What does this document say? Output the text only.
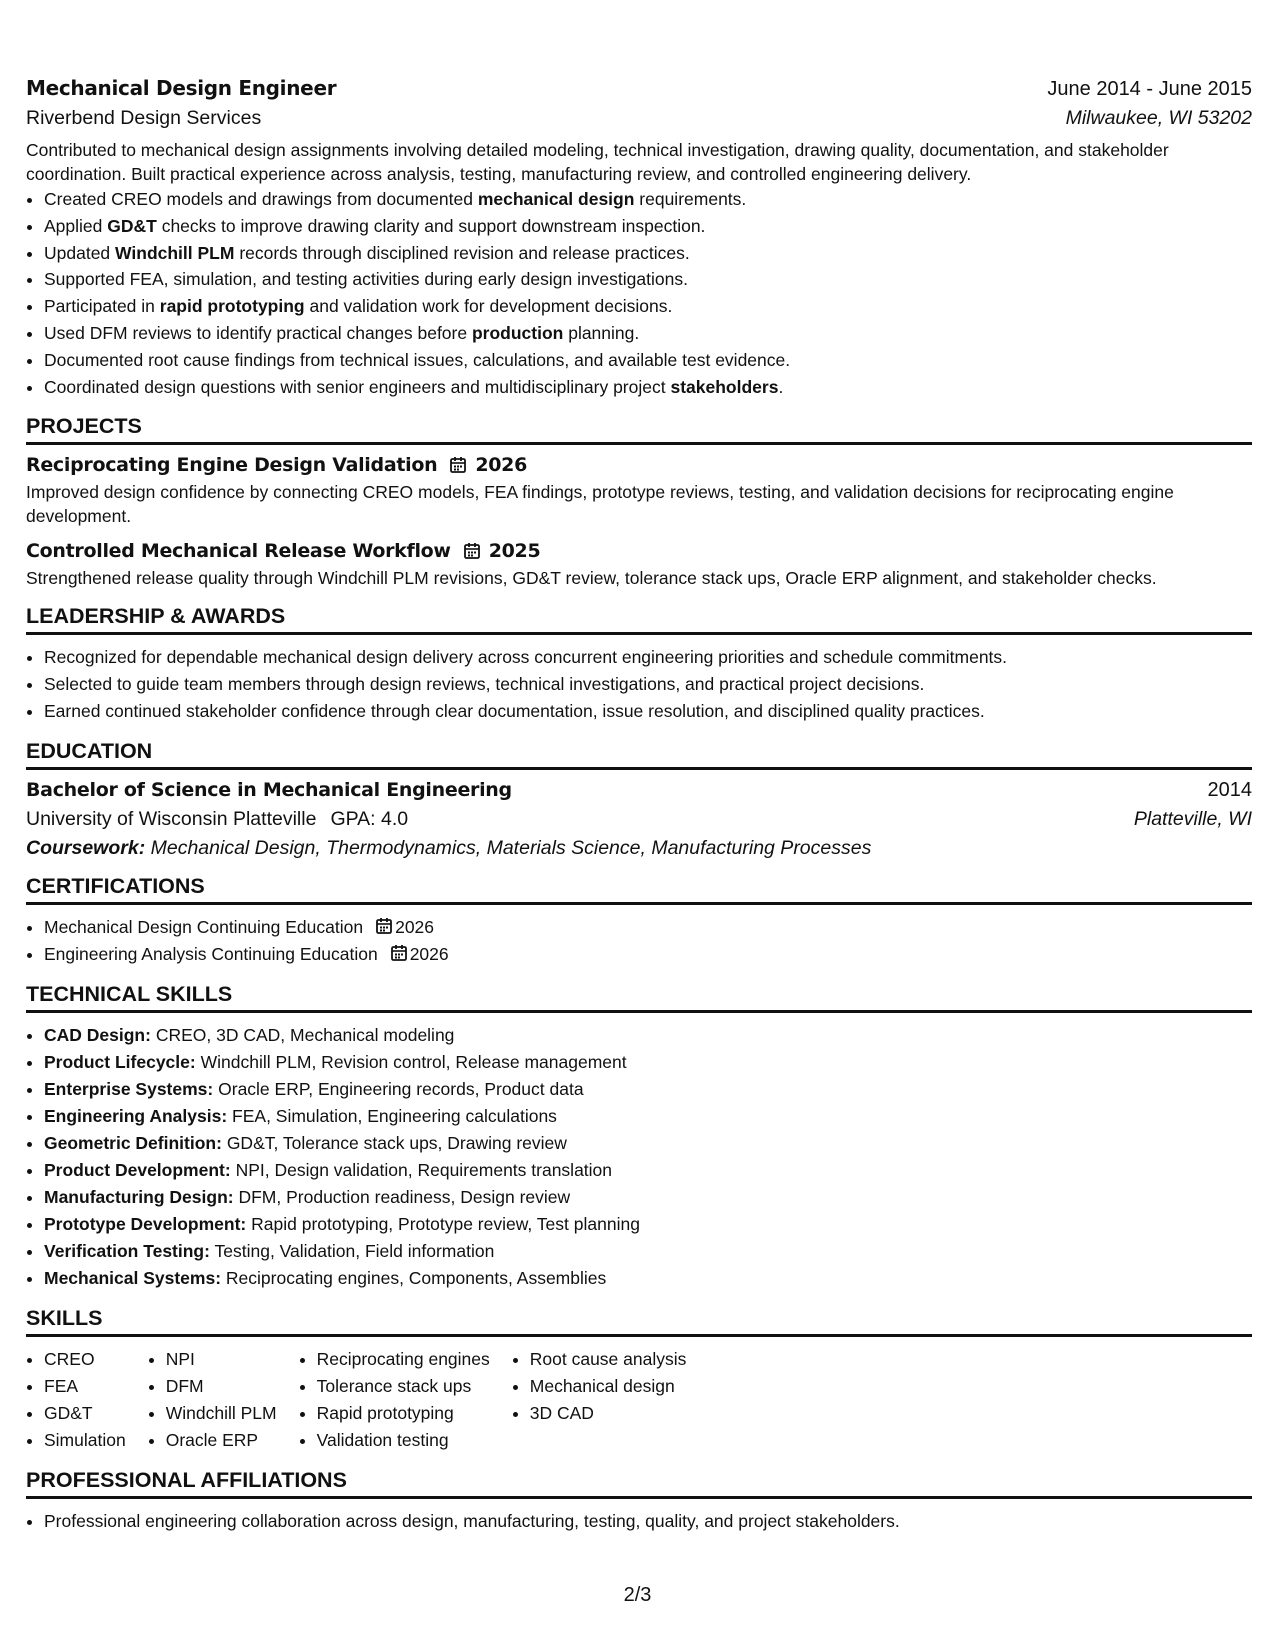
Mechanical Design Engineer	June 2014 - June 2015
Riverbend Design Services	Milwaukee, WI 53202
Contributed to mechanical design assignments involving detailed modeling, technical investigation, drawing quality, documentation, and stakeholder coordination. Built practical experience across analysis, testing, manufacturing review, and controlled engineering delivery.
• Created CREO models and drawings from documented mechanical design requirements.
• Applied GD&T checks to improve drawing clarity and support downstream inspection.
• Updated Windchill PLM records through disciplined revision and release practices.
• Supported FEA, simulation, and testing activities during early design investigations.
• Participated in rapid prototyping and validation work for development decisions.
• Used DFM reviews to identify practical changes before production planning.
• Documented root cause findings from technical issues, calculations, and available test evidence.
• Coordinated design questions with senior engineers and multidisciplinary project stakeholders.
PROJECTS
Reciprocating Engine Design Validation 2026
Improved design confidence by connecting CREO models, FEA findings, prototype reviews, testing, and validation decisions for reciprocating engine development.
Controlled Mechanical Release Workflow 2025
Strengthened release quality through Windchill PLM revisions, GD&T review, tolerance stack ups, Oracle ERP alignment, and stakeholder checks.
LEADERSHIP & AWARDS
• Recognized for dependable mechanical design delivery across concurrent engineering priorities and schedule commitments.
• Selected to guide team members through design reviews, technical investigations, and practical project decisions.
• Earned continued stakeholder confidence through clear documentation, issue resolution, and disciplined quality practices.
EDUCATION
Bachelor of Science in Mechanical Engineering	2014
University of Wisconsin Platteville GPA: 4.0	Platteville, WI
Coursework: Mechanical Design, Thermodynamics, Materials Science, Manufacturing Processes
CERTIFICATIONS
• Mechanical Design Continuing Education 2026
• Engineering Analysis Continuing Education 2026
TECHNICAL SKILLS
• CAD Design: CREO, 3D CAD, Mechanical modeling
• Product Lifecycle: Windchill PLM, Revision control, Release management
• Enterprise Systems: Oracle ERP, Engineering records, Product data
• Engineering Analysis: FEA, Simulation, Engineering calculations
• Geometric Definition: GD&T, Tolerance stack ups, Drawing review
• Product Development: NPI, Design validation, Requirements translation
• Manufacturing Design: DFM, Production readiness, Design review
• Prototype Development: Rapid prototyping, Prototype review, Test planning
• Verification Testing: Testing, Validation, Field information
• Mechanical Systems: Reciprocating engines, Components, Assemblies
SKILLS
• CREO
• FEA
• GD&T
• Simulation
• NPI
• DFM
• Windchill PLM
• Oracle ERP
• Reciprocating engines
• Tolerance stack ups
• Rapid prototyping
• Validation testing
• Root cause analysis
• Mechanical design
• 3D CAD
PROFESSIONAL AFFILIATIONS
• Professional engineering collaboration across design, manufacturing, testing, quality, and project stakeholders.
2/3
